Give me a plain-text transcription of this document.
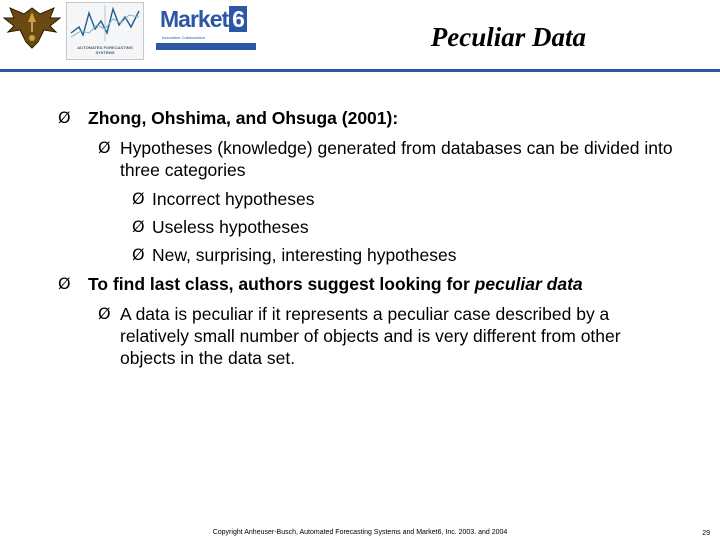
AUTOMATED FORECASTING SYSTEMS
Market 6
Innovative Collaboration	Peculiar Data
Ø Zhong, Ohshima, and Ohsuga (2001):
Ø Hypotheses (knowledge) generated from databases can be divided into three categories
Ø Incorrect hypotheses
Ø Useless hypotheses
Ø New, surprising, interesting hypotheses
Ø To find last class, authors suggest looking for peculiar data
Ø A data is peculiar if it represents a peculiar case described by a relatively small number of objects and is very different from other objects in the data set.
Copyright Anheuser-Busch, Automated Forecasting Systems and Market6, Inc. 2003. and 2004	29
